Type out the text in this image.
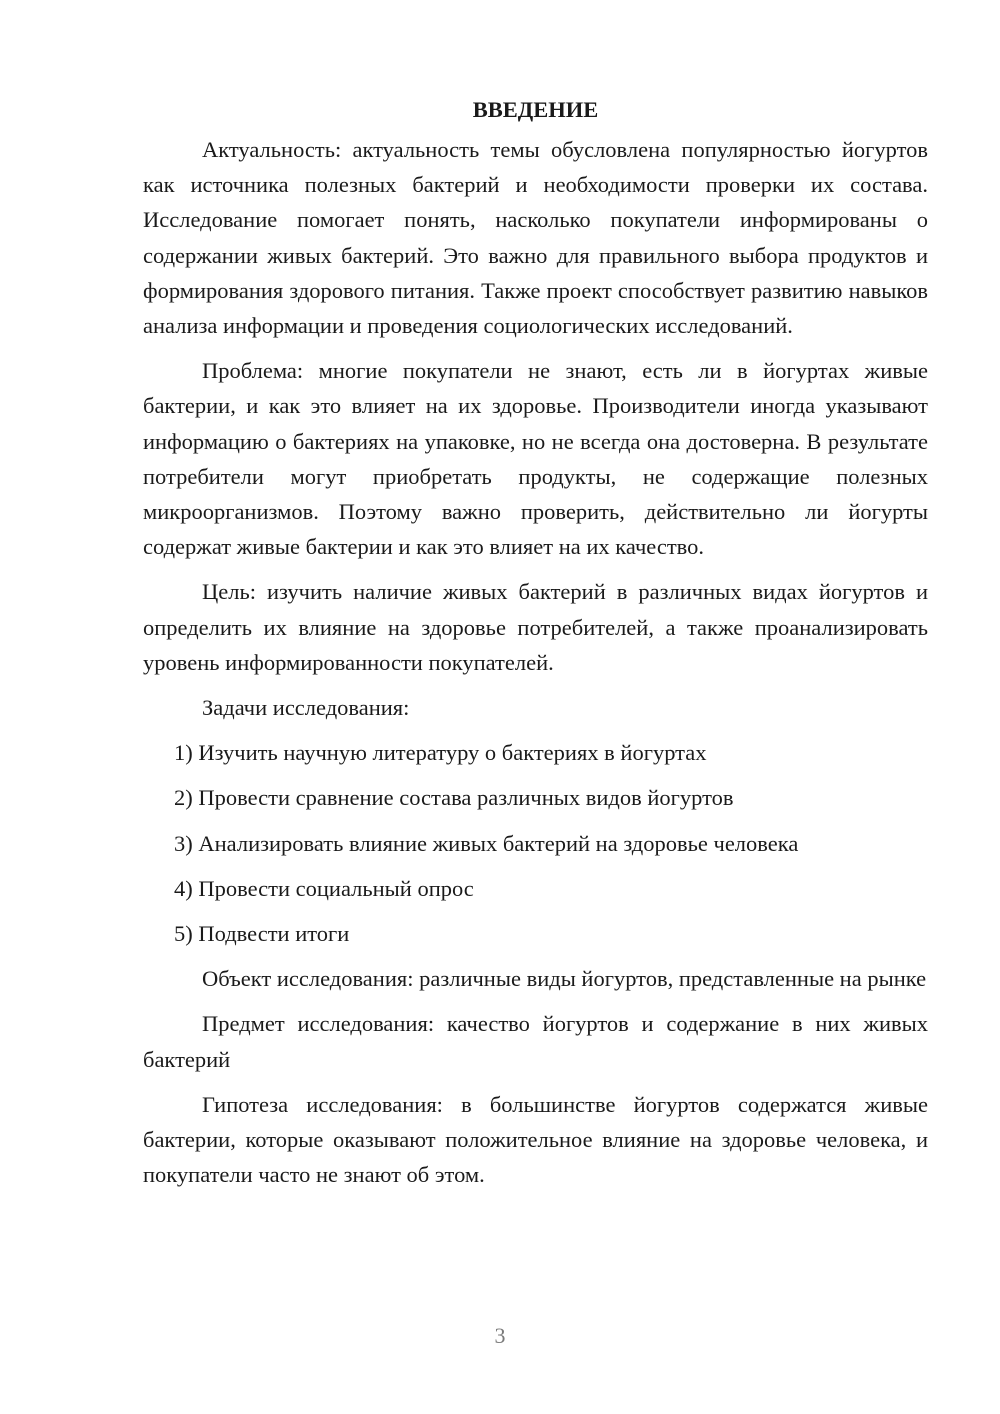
ВВЕДЕНИЕ

Актуальность: актуальность темы обусловлена популярностью йогуртов как источника полезных бактерий и необходимости проверки их состава. Исследование помогает понять, насколько покупатели информированы о содержании живых бактерий. Это важно для правильного выбора продуктов и формирования здорового питания. Также проект способствует развитию навыков анализа информации и проведения социологических исследований.

Проблема: многие покупатели не знают, есть ли в йогуртах живые бактерии, и как это влияет на их здоровье. Производители иногда указывают информацию о бактериях на упаковке, но не всегда она достоверна. В результате потребители могут приобретать продукты, не содержащие полезных микроорганизмов. Поэтому важно проверить, действительно ли йогурты содержат живые бактерии и как это влияет на их качество.

Цель: изучить наличие живых бактерий в различных видах йогуртов и определить их влияние на здоровье потребителей, а также проанализировать уровень информированности покупателей.

Задачи исследования:

1) Изучить научную литературу о бактериях в йогуртах
2) Провести сравнение состава различных видов йогуртов
3) Анализировать влияние живых бактерий на здоровье человека
4) Провести социальный опрос
5) Подвести итоги

Объект исследования: различные виды йогуртов, представленные на рынке

Предмет исследования: качество йогуртов и содержание в них живых бактерий

Гипотеза исследования: в большинстве йогуртов содержатся живые бактерии, которые оказывают положительное влияние на здоровье человека, и покупатели часто не знают об этом.

3
